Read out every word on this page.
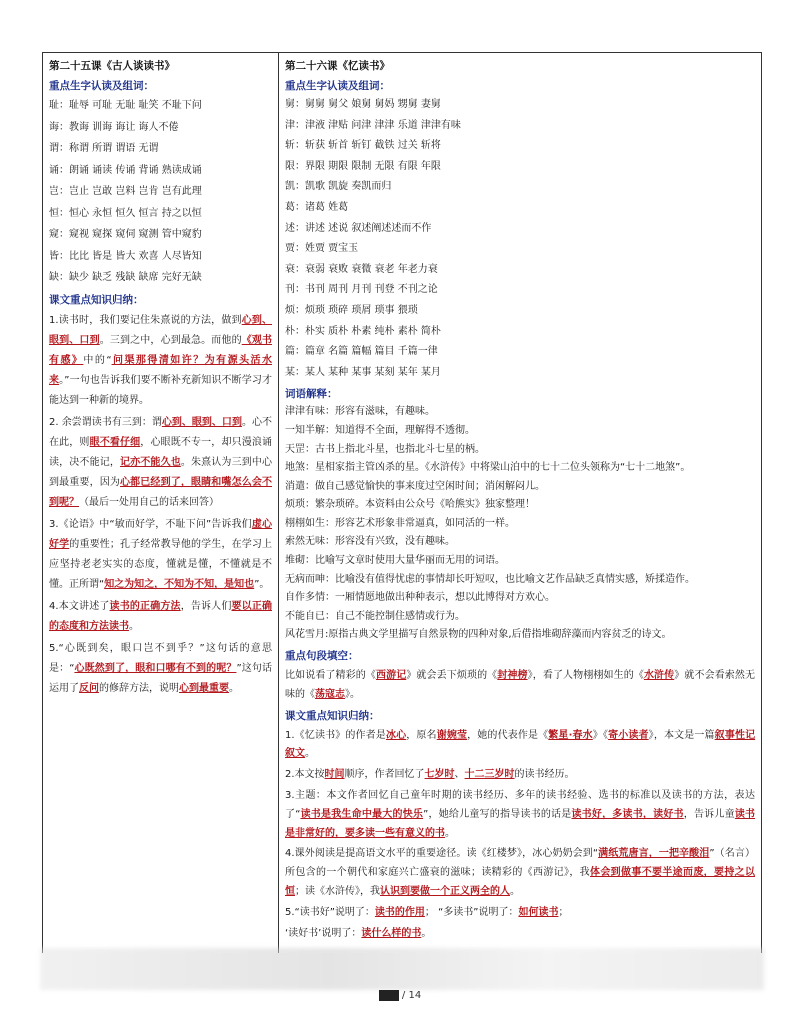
第二十五课《古人谈读书》
重点生字认读及组词：
耻：耻辱 可耻 无耻 耻笑 不耻下问
诲：教诲 训诲 诲让 诲人不倦
谓：称谓 所谓 谓语 无谓
诵：朗诵 诵读 传诵 背诵 熟读成诵
岂：岂止 岂敢 岂料 岂肯 岂有此理
恒：恒心 永恒 恒久 恒言 持之以恒
窥：窥视 窥探 窥伺 窥测 管中窥豹
皆：比比 皆是 皆大 欢喜 人尽皆知
缺：缺少 缺乏 残缺 缺席 完好无缺
课文重点知识归纳：

1.读书时，我们要记住朱熹说的方法，做到心到、眼到、口到。三到之中，心到最急。而他的《观书有感》中的“问渠那得清如许？为有源头活水来。”一句也告诉我们要不断补充新知识不断学习才能达到一种新的境界。

2. 余尝谓读书有三到：谓心到、眼到、口到。心不在此，则眼不看仔细，心眼既不专一，却只漫浪诵读，决不能记，记亦不能久也。朱熹认为三到中心到最重要，因为心都已经到了，眼睛和嘴怎么会不到呢？（最后一处用自己的话来回答）

3.《论语》中“敏而好学，不耻下问”告诉我们虚心好学的重要性；孔子经常教导他的学生，在学习上应坚持老老实实的态度，懂就是懂，不懂就是不懂。正所谓“知之为知之，不知为不知，是知也”。

4.本文讲述了读书的正确方法，告诉人们要以正确的态度和方法读书。

5.“心既到矣，眼口岂不到乎？”这句话的意思是：“心既然到了，眼和口哪有不到的呢？”这句话运用了反问的修辞方法，说明心到最重要。

第二十六课《忆读书》
重点生字认读及组词：
舅：舅舅 舅父 娘舅 舅妈 甥舅 妻舅
津：津液 津贴 问津 津津 乐道 津津有味
斩：斩获 斩首 斩钉 截铁 过关 斩将
限：界限 期限 限制 无限 有限 年限
凯：凯歌 凯旋 奏凯而归
葛：诸葛 姓葛
述：讲述 述说 叙述阐述述而不作
贾：姓贾 贾宝玉
衰：衰弱 衰败 衰微 衰老 年老力衰
刊：书刊 周刊 月刊 刊登 不刊之论
烦：烦琐 琐碎 琐屑 琐事 猥琐
朴：朴实 质朴 朴素 纯朴 素朴 简朴
篇：篇章 名篇 篇幅 篇目 千篇一律
某：某人 某种 某事 某刻 某年 某月
词语解释：
津津有味：形容有滋味，有趣味。
一知半解：知道得不全面，理解得不透彻。
天罡：古书上指北斗星，也指北斗七星的柄。
地煞：星相家指主管凶杀的星。《水浒传》中将梁山泊中的七十二位头领称为“七十二地煞”。
消遣：做自己感觉愉快的事来度过空闲时间；消闲解闷儿。
烦琐：繁杂琐碎。本资料由公众号《哈熊实》独家整理！
栩栩如生：形容艺术形象非常逼真，如同活的一样。
索然无味：形容没有兴致，没有趣味。
堆砌：比喻写文章时使用大量华丽而无用的词语。
无病而呻：比喻没有值得忧虑的事情却长吁短叹，也比喻文艺作品缺乏真情实感，矫揉造作。
自作多情：一厢情愿地做出种种表示，想以此博得对方欢心。
不能自已：自己不能控制住感情或行为。
风花雪月:原指古典文学里描写自然景物的四种对象,后借指堆砌辞藻而内容贫乏的诗文。
重点句段填空：

比如说看了精彩的《西游记》就会丢下烦琐的《封神榜》，看了人物栩栩如生的《水浒传》就不会看索然无味的《荡寇志》。

课文重点知识归纳：

1.《忆读书》的作者是冰心，原名谢婉莹，她的代表作是《繁星·春水》《寄小读者》，本文是一篇叙事性记叙文。

2.本文按时间顺序，作者回忆了七岁时、十二三岁时的读书经历。

3.主题：本文作者回忆自己童年时期的读书经历、多年的读书经验、选书的标准以及读书的方法，表达了“读书是我生命中最大的快乐”，她给儿童写的指导读书的话是读书好，多读书，读好书，告诉儿童读书是非常好的，要多读一些有意义的书。

4.课外阅读是提高语文水平的重要途径。读《红楼梦》，冰心奶奶会到“满纸荒唐言，一把辛酸泪”（名言）所包含的一个朝代和家庭兴亡盛衰的滋味；读精彩的《西游记》，我体会到做事不要半途而废，要持之以恒；读《水浒传》，我认识到要做一个正义两全的人。

5.“读书好”说明了：读书的作用； “多读书”说明了：如何读书；

‘读好书’说明了：读什么样的书。

13 / 14
